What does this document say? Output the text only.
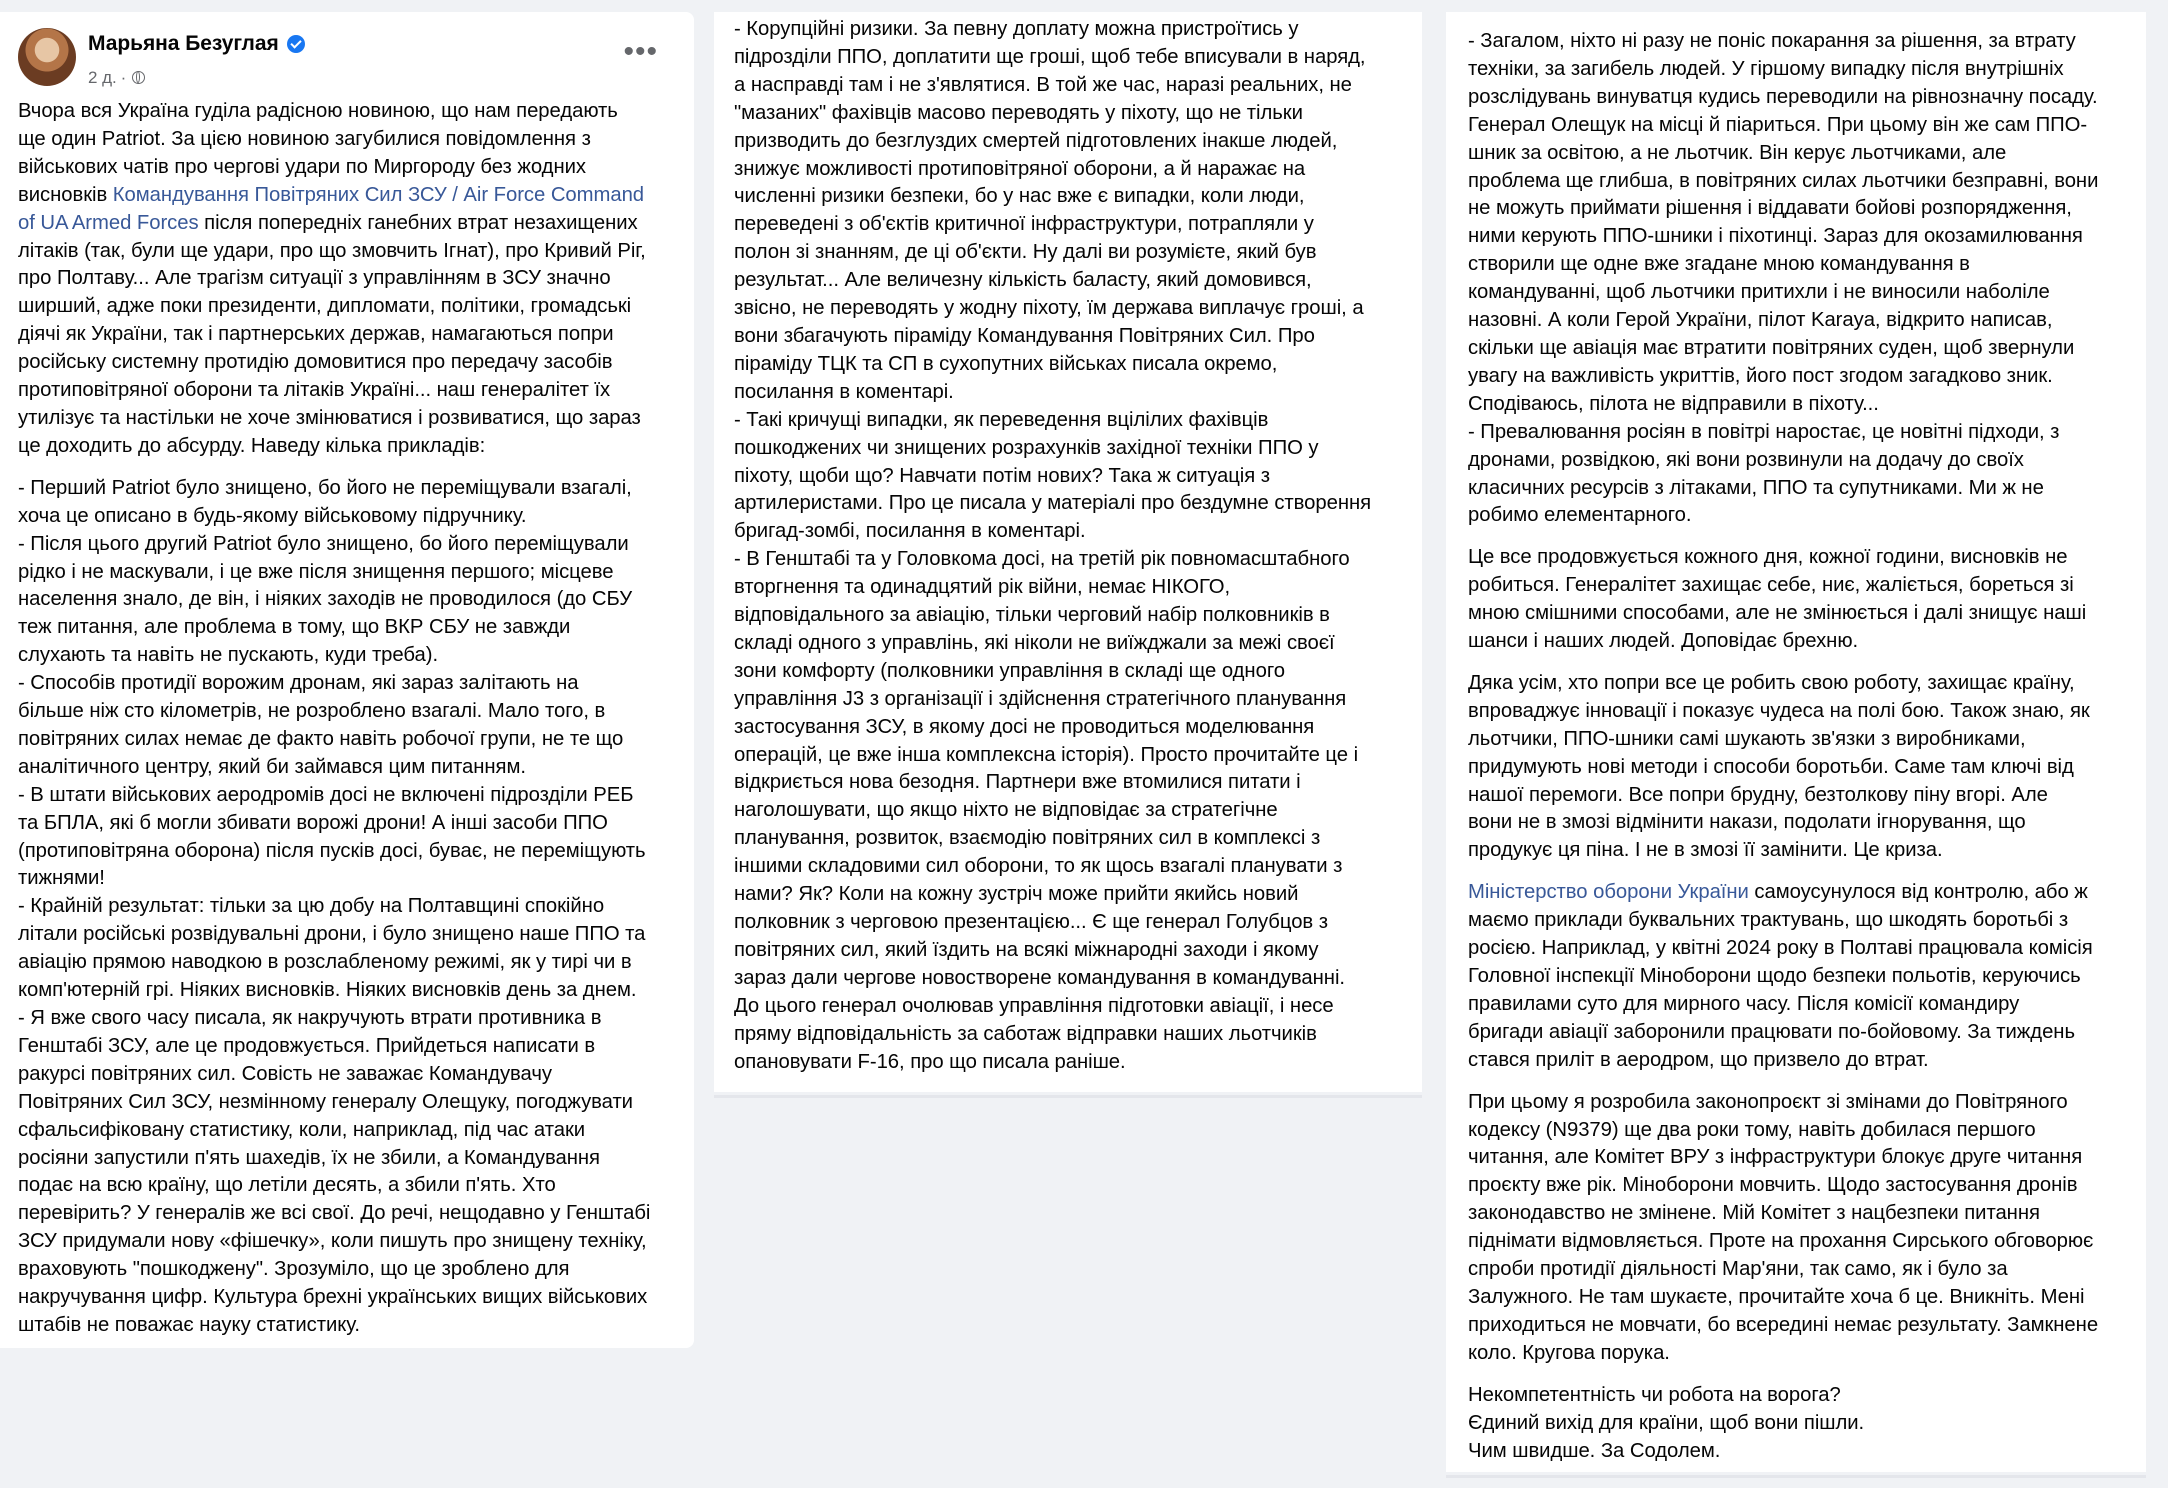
Марьяна Безуглая
2 д. ·
•••
Вчора вся Україна гуділа радісною новиною, що нам передають
ще один Patriot. За цією новиною загубилися повідомлення з
військових чатів про чергові удари по Миргороду без жодних
висновків Командування Повітряних Сил ЗСУ / Air Force Command
of UA Armed Forces після попередніх ганебних втрат незахищених
літаків (так, були ще удари, про що змовчить Ігнат), про Кривий Ріг,
про Полтаву... Але трагізм ситуації з управлінням в ЗСУ значно
ширший, адже поки президенти, дипломати, політики, громадські
діячі як України, так і партнерських держав, намагаються попри
російську системну протидію домовитися про передачу засобів
протиповітряної оборони та літаків Україні... наш генералітет їх
утилізує та настільки не хоче змінюватися і розвиватися, що зараз
це доходить до абсурду. Наведу кілька прикладів:
- Перший Patriot було знищено, бо його не переміщували взагалі,
хоча це описано в будь-якому військовому підручнику.
- Після цього другий Patriot було знищено, бо його переміщували
рідко і не маскували, і це вже після знищення першого; місцеве
населення знало, де він, і ніяких заходів не проводилося (до СБУ
теж питання, але проблема в тому, що ВКР СБУ не завжди
слухають та навіть не пускають, куди треба).
- Способів протидії ворожим дронам, які зараз залітають на
більше ніж сто кілометрів, не розроблено взагалі. Мало того, в
повітряних силах немає де факто навіть робочої групи, не те що
аналітичного центру, який би займався цим питанням.
- В штати військових аеродромів досі не включені підрозділи РЕБ
та БПЛА, які б могли збивати ворожі дрони! А інші засоби ППО
(протиповітряна оборона) після пусків досі, буває, не переміщують
тижнями!
- Крайній результат: тільки за цю добу на Полтавщині спокійно
літали російські розвідувальні дрони, і було знищено наше ППО та
авіацію прямою наводкою в розслабленому режимі, як у тирі чи в
комп'ютерній грі. Ніяких висновків. Ніяких висновків день за днем.
- Я вже свого часу писала, як накручують втрати противника в
Генштабі ЗСУ, але це продовжується. Прийдеться написати в
ракурсі повітряних сил. Совість не заважає Командувачу
Повітряних Сил ЗСУ, незмінному генералу Олещуку, погоджувати
сфальсифіковану статистику, коли, наприклад, під час атаки
росіяни запустили п'ять шахедів, їх не збили, а Командування
подає на всю країну, що летіли десять, а збили п'ять. Хто
перевірить? У генералів же всі свої. До речі, нещодавно у Генштабі
ЗСУ придумали нову «фішечку», коли пишуть про знищену техніку,
враховують "пошкоджену". Зрозуміло, що це зроблено для
накручування цифр. Культура брехні українських вищих військових
штабів не поважає науку статистику.
- Корупційні ризики. За певну доплату можна пристроїтись у
підрозділи ППО, доплатити ще гроші, щоб тебе вписували в наряд,
а насправді там і не з'являтися. В той же час, наразі реальних, не
"мазаних" фахівців масово переводять у піхоту, що не тільки
призводить до безглуздих смертей підготовлених інакше людей,
знижує можливості протиповітряної оборони, а й наражає на
численні ризики безпеки, бо у нас вже є випадки, коли люди,
переведені з об'єктів критичної інфраструктури, потрапляли у
полон зі знанням, де ці об'єкти. Ну далі ви розумієте, який був
результат... Але величезну кількість баласту, який домовився,
звісно, не переводять у жодну піхоту, їм держава виплачує гроші, а
вони збагачують піраміду Командування Повітряних Сил. Про
піраміду ТЦК та СП в сухопутних військах писала окремо,
посилання в коментарі.
- Такі кричущі випадки, як переведення вцілілих фахівців
пошкоджених чи знищених розрахунків західної техніки ППО у
піхоту, щоби що? Навчати потім нових? Така ж ситуація з
артилеристами. Про це писала у матеріалі про бездумне створення
бригад-зомбі, посилання в коментарі.
- В Генштабі та у Головкома досі, на третій рік повномасштабного
вторгнення та одинадцятий рік війни, немає НІКОГО,
відповідального за авіацію, тільки черговий набір полковників в
складі одного з управлінь, які ніколи не виїжджали за межі своєї
зони комфорту (полковники управління в складі ще одного
управління J3 з організації і здійснення стратегічного планування
застосування ЗСУ, в якому досі не проводиться моделювання
операцій, це вже інша комплексна історія). Просто прочитайте це і
відкриється нова безодня. Партнери вже втомилися питати і
наголошувати, що якщо ніхто не відповідає за стратегічне
планування, розвиток, взаємодію повітряних сил в комплексі з
іншими складовими сил оборони, то як щось взагалі планувати з
нами? Як? Коли на кожну зустріч може прийти якийсь новий
полковник з черговою презентацією... Є ще генерал Голубцов з
повітряних сил, який їздить на всякі міжнародні заходи і якому
зараз дали чергове новостворене командування в командуванні.
До цього генерал очолював управління підготовки авіації, і несе
пряму відповідальність за саботаж відправки наших льотчиків
опановувати F-16, про що писала раніше.
- Загалом, ніхто ні разу не поніс покарання за рішення, за втрату
техніки, за загибель людей. У гіршому випадку після внутрішніх
розслідувань винуватця кудись переводили на рівнозначну посаду.
Генерал Олещук на місці й піариться. При цьому він же сам ППО-
шник за освітою, а не льотчик. Він керує льотчиками, але
проблема ще глибша, в повітряних силах льотчики безправні, вони
не можуть приймати рішення і віддавати бойові розпорядження,
ними керують ППО-шники і піхотинці. Зараз для окозамилювання
створили ще одне вже згадане мною командування в
командуванні, щоб льотчики притихли і не виносили наболіле
назовні. А коли Герой України, пілот Karaya, відкрито написав,
скільки ще авіація має втратити повітряних суден, щоб звернули
увагу на важливість укриттів, його пост згодом загадково зник.
Сподіваюсь, пілота не відправили в піхоту...
- Превалювання росіян в повітрі наростає, це новітні підходи, з
дронами, розвідкою, які вони розвинули на додачу до своїх
класичних ресурсів з літаками, ППО та супутниками. Ми ж не
робимо елементарного.
Це все продовжується кожного дня, кожної години, висновків не
робиться. Генералітет захищає себе, ниє, жаліється, бореться зі
мною смішними способами, але не змінюється і далі знищує наші
шанси і наших людей. Доповідає брехню.
Дяка усім, хто попри все це робить свою роботу, захищає країну,
впроваджує інновації і показує чудеса на полі бою. Також знаю, як
льотчики, ППО-шники самі шукають зв'язки з виробниками,
придумують нові методи і способи боротьби. Саме там ключі від
нашої перемоги. Все попри брудну, безтолкову піну вгорі. Але
вони не в змозі відмінити накази, подолати ігнорування, що
продукує ця піна. І не в змозі її замінити. Це криза.
Міністерство оборони України самоусунулося від контролю, або ж
маємо приклади буквальних трактувань, що шкодять боротьбі з
росією. Наприклад, у квітні 2024 року в Полтаві працювала комісія
Головної інспекції Міноборони щодо безпеки польотів, керуючись
правилами суто для мирного часу. Після комісії командиру
бригади авіації заборонили працювати по-бойовому. За тиждень
стався приліт в аеродром, що призвело до втрат.
При цьому я розробила законопроєкт зі змінами до Повітряного
кодексу (N9379) ще два роки тому, навіть добилася першого
читання, але Комітет ВРУ з інфраструктури блокує друге читання
проєкту вже рік. Міноборони мовчить. Щодо застосування дронів
законодавство не змінене. Мій Комітет з нацбезпеки питання
піднімати відмовляється. Проте на прохання Сирського обговорює
спроби протидії діяльності Мар'яни, так само, як і було за
Залужного. Не там шукаєте, прочитайте хоча б це. Вникніть. Мені
приходиться не мовчати, бо всередині немає результату. Замкнене
коло. Кругова порука.
Некомпетентність чи робота на ворога?
Єдиний вихід для країни, щоб вони пішли.
Чим швидше. За Содолем.
